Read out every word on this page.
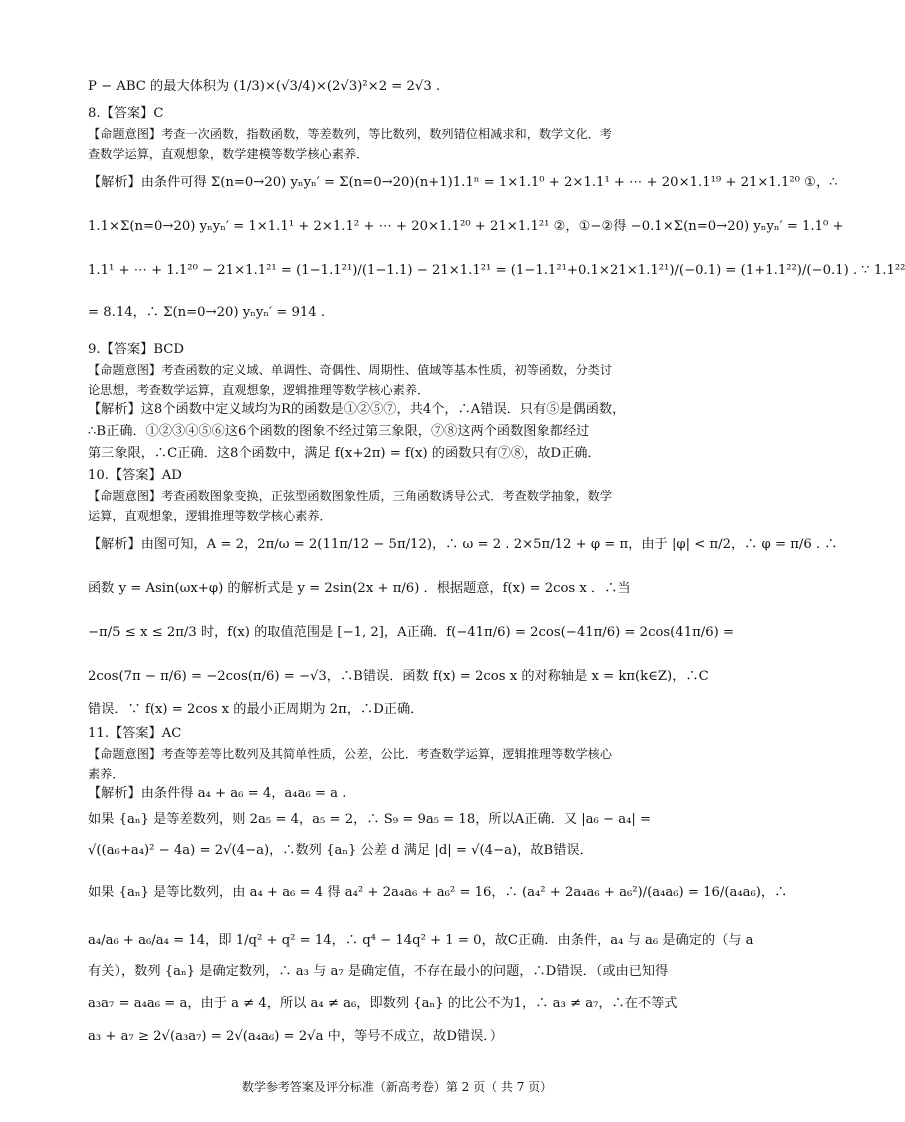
P − ABC 的最大体积为 (1/3)×(√3/4)×(2√3)²×2 = 2√3 .
8.【答案】C
【命题意图】考查一次函数，指数函数，等差数列，等比数列，数列错位相减求和，数学文化．考
查数学运算，直观想象，数学建模等数学核心素养．
【解析】由条件可得 Σ(n=0→20) yₙyₙ′ = Σ(n=0→20)(n+1)1.1ⁿ = 1×1.1⁰ + 2×1.1¹ + ⋯ + 20×1.1¹⁹ + 21×1.1²⁰ ①，∴
1.1×Σ(n=0→20) yₙyₙ′ = 1×1.1¹ + 2×1.1² + ⋯ + 20×1.1²⁰ + 21×1.1²¹ ②，①−②得 −0.1×Σ(n=0→20) yₙyₙ′ = 1.1⁰ +
1.1¹ + ⋯ + 1.1²⁰ − 21×1.1²¹ = (1−1.1²¹)/(1−1.1) − 21×1.1²¹ = (1−1.1²¹+0.1×21×1.1²¹)/(−0.1) = (1+1.1²²)/(−0.1) . ∵ 1.1²²
= 8.14，∴ Σ(n=0→20) yₙyₙ′ = 914 .
9.【答案】BCD
【命题意图】考查函数的定义域、单调性、奇偶性、周期性、值域等基本性质，初等函数，分类讨
论思想，考查数学运算，直观想象，逻辑推理等数学核心素养．
【解析】这8个函数中定义域均为R的函数是①②⑤⑦，共4个，∴A错误．只有⑤是偶函数，
∴B正确．①②③④⑤⑥这6个函数的图象不经过第三象限，⑦⑧这两个函数图象都经过
第三象限，∴C正确．这8个函数中，满足 f(x+2π) = f(x) 的函数只有⑦⑧，故D正确．
10.【答案】AD
【命题意图】考查函数图象变换，正弦型函数图象性质，三角函数诱导公式．考查数学抽象，数学
运算，直观想象，逻辑推理等数学核心素养．
【解析】由图可知，A = 2，2π/ω = 2(11π/12 − 5π/12)，∴ ω = 2 . 2×5π/12 + φ = π，由于 |φ| < π/2，∴ φ = π/6 . ∴
函数 y = Asin(ωx+φ) 的解析式是 y = 2sin(2x + π/6) ．根据题意，f(x) = 2cos x ．∴当
−π/5 ≤ x ≤ 2π/3 时，f(x) 的取值范围是 [−1, 2]，A正确．f(−41π/6) = 2cos(−41π/6) = 2cos(41π/6) =
2cos(7π − π/6) = −2cos(π/6) = −√3，∴B错误．函数 f(x) = 2cos x 的对称轴是 x = kπ(k∈Z)，∴C
错误．∵ f(x) = 2cos x 的最小正周期为 2π，∴D正确．
11.【答案】AC
【命题意图】考查等差等比数列及其简单性质，公差，公比．考查数学运算，逻辑推理等数学核心
素养．
【解析】由条件得 a₄ + a₆ = 4，a₄a₆ = a .
如果 {aₙ} 是等差数列，则 2a₅ = 4，a₅ = 2，∴ S₉ = 9a₅ = 18，所以A正确．又 |a₆ − a₄| =
√((a₆+a₄)² − 4a) = 2√(4−a)，∴数列 {aₙ} 公差 d 满足 |d| = √(4−a)，故B错误．
如果 {aₙ} 是等比数列，由 a₄ + a₆ = 4 得 a₄² + 2a₄a₆ + a₆² = 16，∴ (a₄² + 2a₄a₆ + a₆²)/(a₄a₆) = 16/(a₄a₆)，∴
a₄/a₆ + a₆/a₄ = 14，即 1/q² + q² = 14，∴ q⁴ − 14q² + 1 = 0，故C正确．由条件，a₄ 与 a₆ 是确定的（与 a
有关），数列 {aₙ} 是确定数列，∴ a₃ 与 a₇ 是确定值，不存在最小的问题，∴D错误．（或由已知得
a₃a₇ = a₄a₆ = a，由于 a ≠ 4，所以 a₄ ≠ a₆，即数列 {aₙ} 的比公不为1，∴ a₃ ≠ a₇，∴在不等式
a₃ + a₇ ≥ 2√(a₃a₇) = 2√(a₄a₆) = 2√a 中，等号不成立，故D错误．）
数学参考答案及评分标准（新高考卷）第 2 页（ 共 7 页）
